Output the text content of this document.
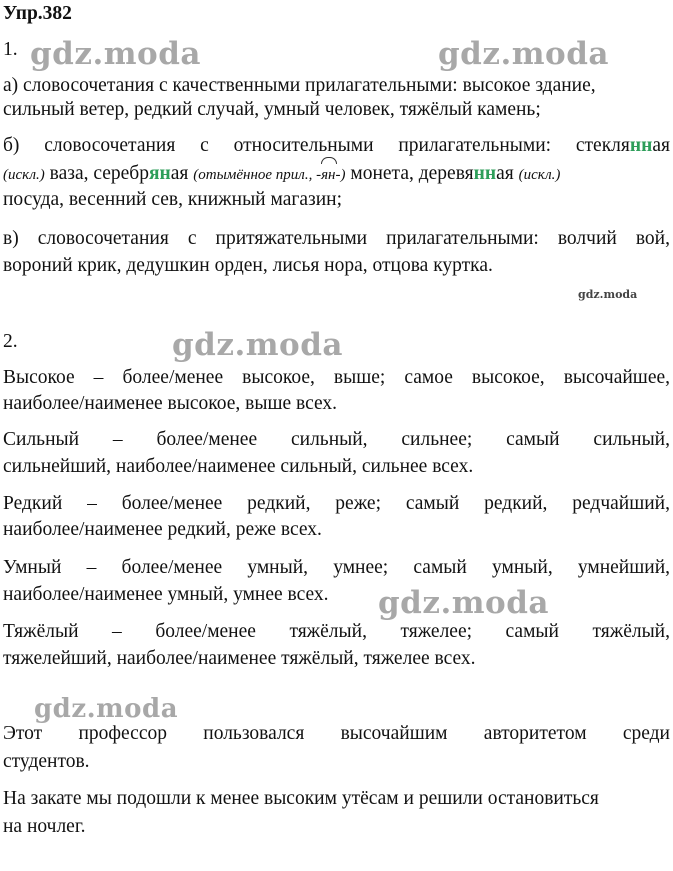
Упр.382
1.
а) словосочетания с качественными прилагательными: высокое здание,
сильный ветер, редкий случай, умный человек, тяжёлый камень;
б) словосочетания с относительными прилагательными: стеклянная
(искл.) ваза, серебряная (отымённое прил., -ян-) монета, деревянная (искл.)
посуда, весенний сев, книжный магазин;
в) словосочетания с притяжательными прилагательными: волчий вой,
вороний крик, дедушкин орден, лисья нора, отцова куртка.
2.
Высокое – более/менее высокое, выше; самое высокое, высочайшее,
наиболее/наименее высокое, выше всех.
Сильный – более/менее сильный, сильнее; самый сильный,
сильнейший, наиболее/наименее сильный, сильнее всех.
Редкий – более/менее редкий, реже; самый редкий, редчайший,
наиболее/наименее редкий, реже всех.
Умный – более/менее умный, умнее; самый умный, умнейший,
наиболее/наименее умный, умнее всех.
Тяжёлый – более/менее тяжёлый, тяжелее; самый тяжёлый,
тяжелейший, наиболее/наименее тяжёлый, тяжелее всех.
Этот профессор пользовался высочайшим авторитетом среди
студентов.
На закате мы подошли к менее высоким утёсам и решили остановиться
на ночлег.
gdz.moda	gdz.moda
gdz.moda
gdz.moda
gdz.moda
gdz.moda
